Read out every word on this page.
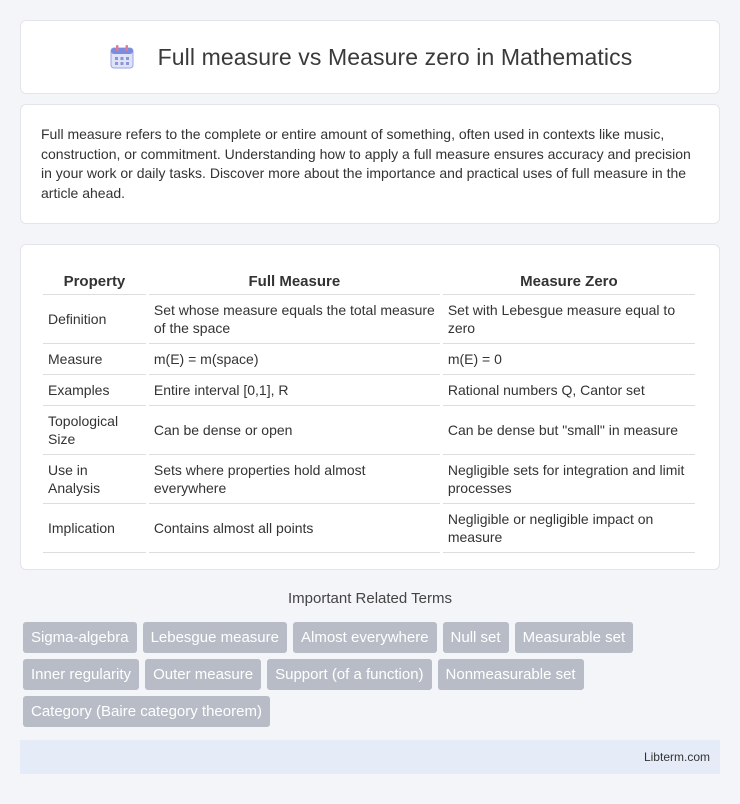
Full measure vs Measure zero in Mathematics

Full measure refers to the complete or entire amount of something, often used in contexts like music, construction, or commitment. Understanding how to apply a full measure ensures accuracy and precision in your work or daily tasks. Discover more about the importance and practical uses of full measure in the article ahead.

Property	Full Measure	Measure Zero
Definition	Set whose measure equals the total measure of the space	Set with Lebesgue measure equal to zero
Measure	m(E) = m(space)	m(E) = 0
Examples	Entire interval [0,1], R	Rational numbers Q, Cantor set
Topological Size	Can be dense or open	Can be dense but "small" in measure
Use in Analysis	Sets where properties hold almost everywhere	Negligible sets for integration and limit processes
Implication	Contains almost all points	Negligible or negligible impact on measure
Important Related Terms
Sigma-algebra	Lebesgue measure	Almost everywhere	Null set	Measurable set
Inner regularity	Outer measure	Support (of a function)	Nonmeasurable set
Category (Baire category theorem)
Libterm.com
